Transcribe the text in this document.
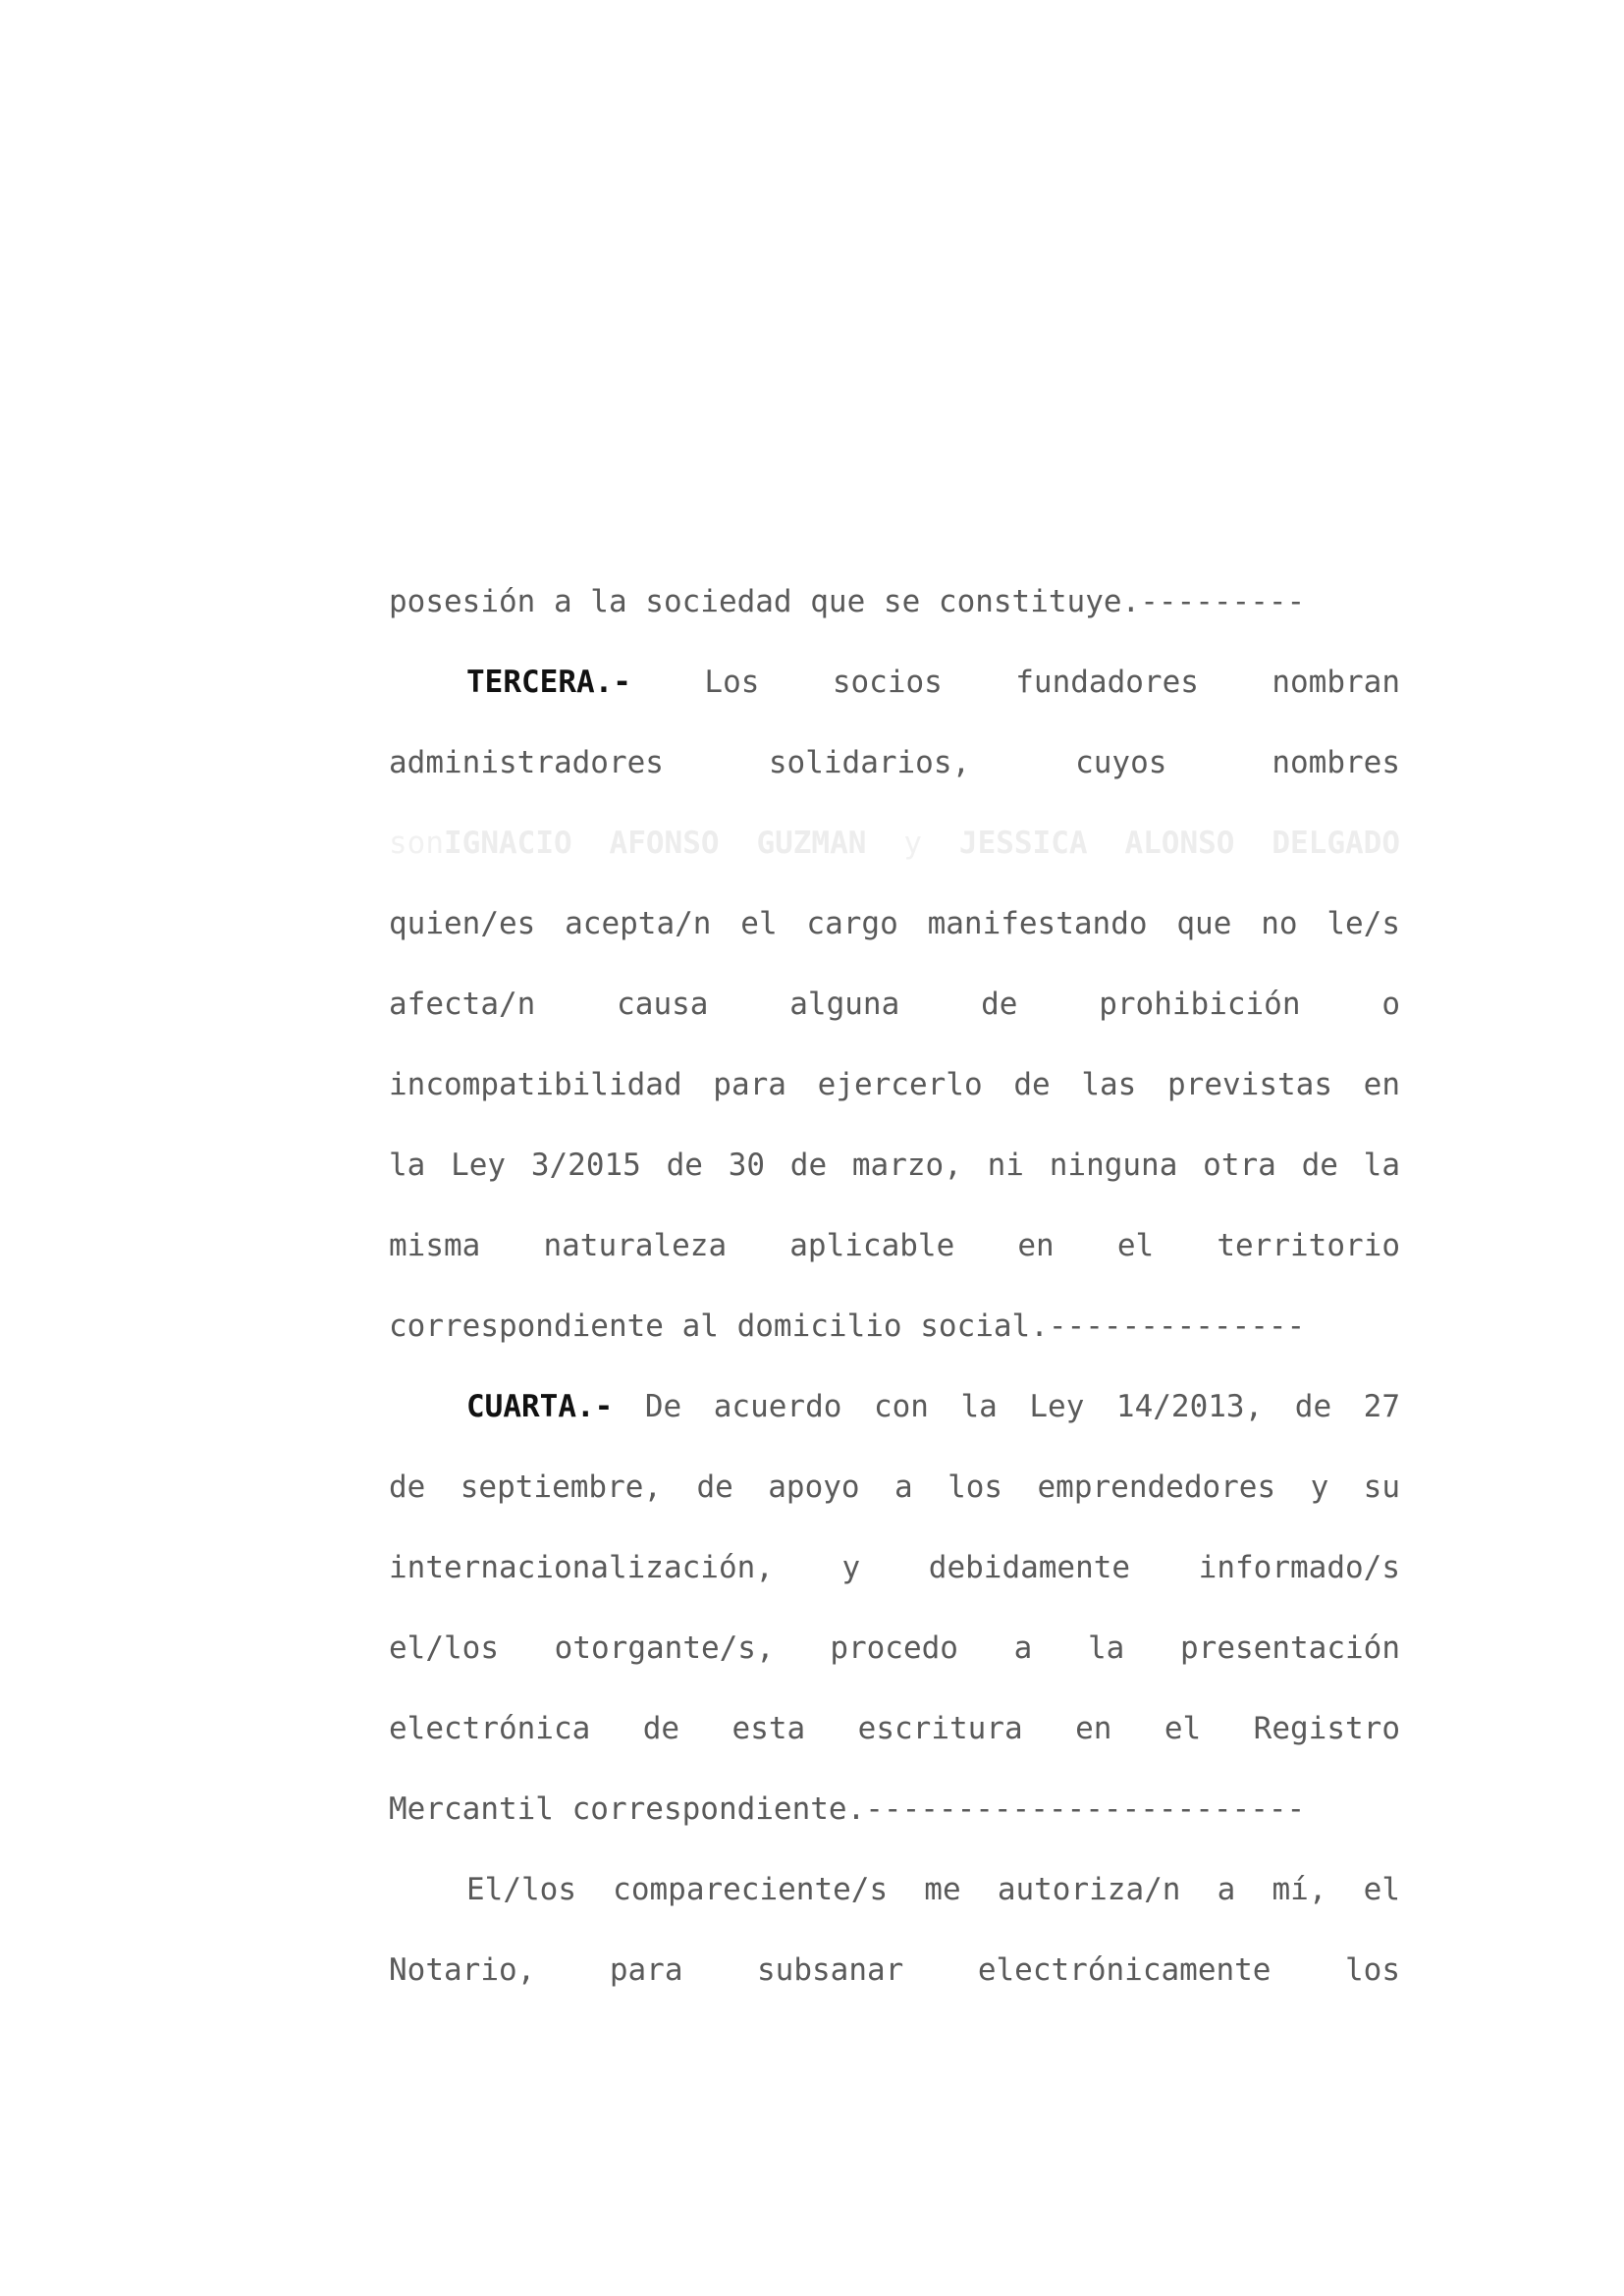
posesión a la sociedad que se constituye.---------
TERCERA.- Los socios fundadores nombran
administradores solidarios, cuyos nombres
sonIGNACIO AFONSO GUZMAN y JESSICA ALONSO DELGADO
quien/es acepta/n el cargo manifestando que no le/s
afecta/n causa alguna de prohibición o
incompatibilidad para ejercerlo de las previstas en
la Ley 3/2015 de 30 de marzo, ni ninguna otra de la
misma naturaleza aplicable en el territorio
correspondiente al domicilio social.--------------
CUARTA.- De acuerdo con la Ley 14/2013, de 27
de septiembre, de apoyo a los emprendedores y su
internacionalización, y debidamente informado/s
el/los otorgante/s, procedo a la presentación
electrónica de esta escritura en el Registro
Mercantil correspondiente.------------------------
El/los compareciente/s me autoriza/n a mí, el
Notario, para subsanar electrónicamente los
